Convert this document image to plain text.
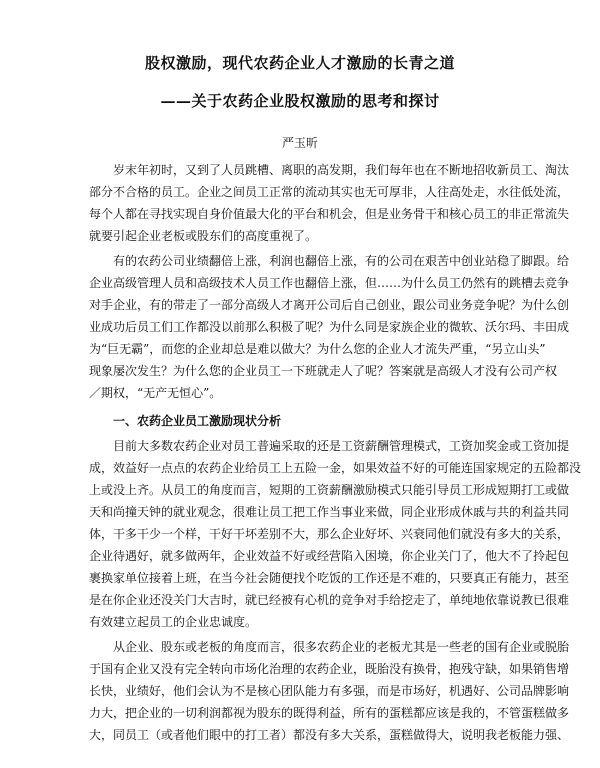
股权激励，现代农药企业人才激励的长青之道
——关于农药企业股权激励的思考和探讨
严玉昕
岁末年初时，又到了人员跳槽、离职的高发期，我们每年也在不断地招收新员工、淘汰
部分不合格的员工。企业之间员工正常的流动其实也无可厚非，人往高处走，水往低处流，
每个人都在寻找实现自身价值最大化的平台和机会，但是业务骨干和核心员工的非正常流失
就要引起企业老板或股东们的高度重视了。
有的农药公司业绩翻倍上涨，利润也翻倍上涨，有的公司在艰苦中创业站稳了脚跟。给
企业高级管理人员和高级技术人员工作也翻倍上涨，但……为什么员工仍然有的跳槽去竞争
对手企业，有的带走了一部分高级人才离开公司后自己创业，跟公司业务竞争呢？为什么创
业成功后员工们工作都没以前那么积极了呢？为什么同是家族企业的微软、沃尔玛、丰田成
为“巨无霸”，而您的企业却总是难以做大？为什么您的企业人才流失严重，“另立山头”
现象屡次发生？为什么您的企业员工一下班就走人了呢？答案就是高级人才没有公司产权
／期权，“无产无恒心”。
一、农药企业员工激励现状分析
目前大多数农药企业对员工普遍采取的还是工资薪酬管理模式，工资加奖金或工资加提
成，效益好一点点的农药企业给员工上五险一金，如果效益不好的可能连国家规定的五险都没
上或没上齐。从员工的角度而言，短期的工资薪酬激励模式只能引导员工形成短期打工或做
天和尚撞天钟的就业观念，很难让员工把工作当事业来做，同企业形成休戚与共的利益共同
体，干多干少一个样，干好干坏差别不大，那么企业好坏、兴衰同他们就没有多大的关系，
企业待遇好，就多做两年，企业效益不好或经营陷入困境，你企业关门了，他大不了拎起包
裹换家单位接着上班，在当今社会随便找个吃饭的工作还是不难的，只要真正有能力，甚至
是在你企业还没关门大吉时，就已经被有心机的竞争对手给挖走了，单纯地依靠说教已很难
有效建立起员工的企业忠诚度。
从企业、股东或老板的角度而言，很多农药企业的老板尤其是一些老的国有企业或脱胎
于国有企业又没有完全转向市场化治理的农药企业，既胎没有换骨，抱残守缺，如果销售增
长快，业绩好，他们会认为不是核心团队能力有多强，而是市场好，机遇好、公司品牌影响
力大，把企业的一切利润都视为股东的既得利益，所有的蛋糕都应该是我的，不管蛋糕做多
大，同员工（或者他们眼中的打工者）都没有多大关系，蛋糕做得大，说明我老板能力强、
